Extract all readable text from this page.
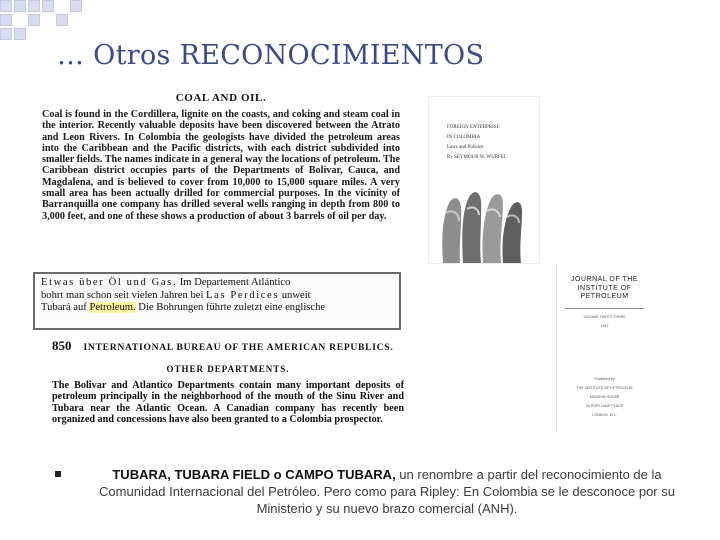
… Otros RECONOCIMIENTOS
COAL AND OIL.
Coal is found in the Cordillera, lignite on the coasts, and coking and steam coal in the interior. Recently valuable deposits have been discovered between the Atrato and Leon Rivers. In Colombia the geologists have divided the petroleum areas into the Caribbean and the Pacific districts, with each district subdivided into smaller fields. The names indicate in a general way the locations of petroleum. The Caribbean district occupies parts of the Departments of Bolivar, Cauca, and Magdalena, and is believed to cover from 10,000 to 15,000 square miles. A very small area has been actually drilled for commercial purposes. In the vicinity of Barranquilla one company has drilled several wells ranging in depth from 800 to 3,000 feet, and one of these shows a production of about 3 barrels of oil per day.
Etwas über Öl und Gas. Im Departement Atlántico
bohrt man schon seit vielen Jahren bei Las Perdices unweit
Tubará auf Petroleum. Die Bohrungen führte zuletzt eine englische
850 INTERNATIONAL BUREAU OF THE AMERICAN REPUBLICS.
OTHER DEPARTMENTS.
The Bolivar and Atlantico Departments contain many important deposits of petroleum principally in the neighborhood of the mouth of the Sinu River and Tubara near the Atlantic Ocean. A Canadian company has recently been organized and concessions have also been granted to a Colombia prospector.
FOREIGN ENTERPRISE
IN COLOMBIA
Laws and Policies
By SEYMOUR W. WURFEL
JOURNAL OF THE
INSTITUTE OF
PETROLEUM
VOLUME THIRTY-THREE
1947
Published by
THE INSTITUTE OF PETROLEUM
MANSON HOUSE
26 PORTLAND PLACE
LONDON, W.1.
TUBARA, TUBARA FIELD o CAMPO TUBARA, un renombre a partir del reconocimiento de la Comunidad Internacional del Petróleo. Pero como para Ripley: En Colombia se le desconoce por su Ministerio y su nuevo brazo comercial (ANH).
